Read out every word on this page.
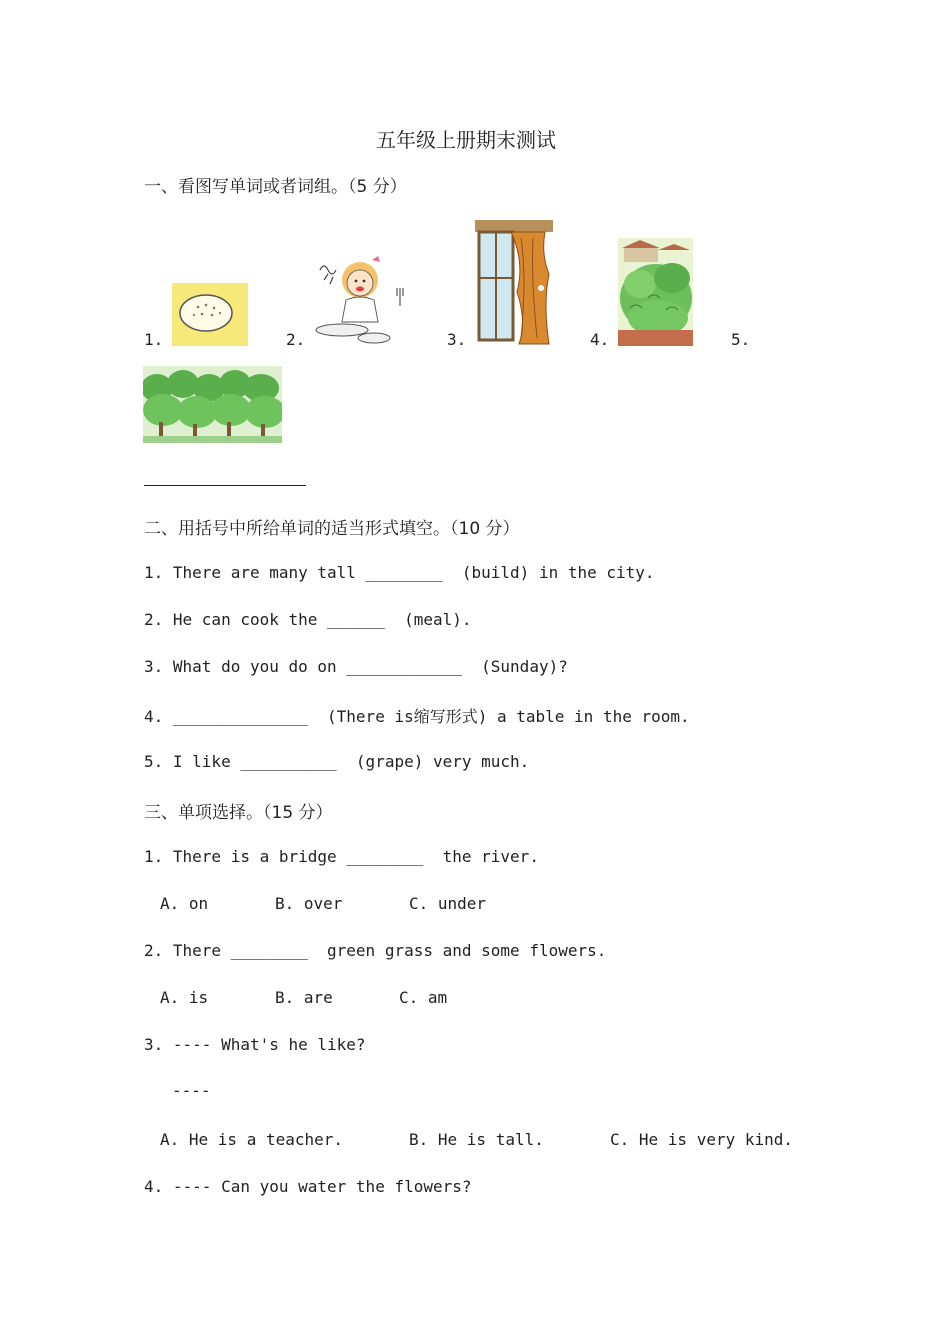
五年级上册期末测试
一、看图写单词或者词组。（5 分）
1.	2.	3.	4.	5.
二、用括号中所给单词的适当形式填空。（10 分）
1. There are many tall ________  (build) in the city.
2. He can cook the ______  (meal).
3. What do you do on ____________  (Sunday)?
4. ______________  (There is缩写形式) a table in the room.
5. I like __________  (grape) very much.
三、单项选择。（15 分）
1. There is a bridge ________  the river.
A. on	B. over	C. under
2. There ________  green grass and some flowers.
A. is	B. are	C. am
3. ---- What's he like?
----
A. He is a teacher.	B. He is tall.	C. He is very kind.
4. ---- Can you water the flowers?
